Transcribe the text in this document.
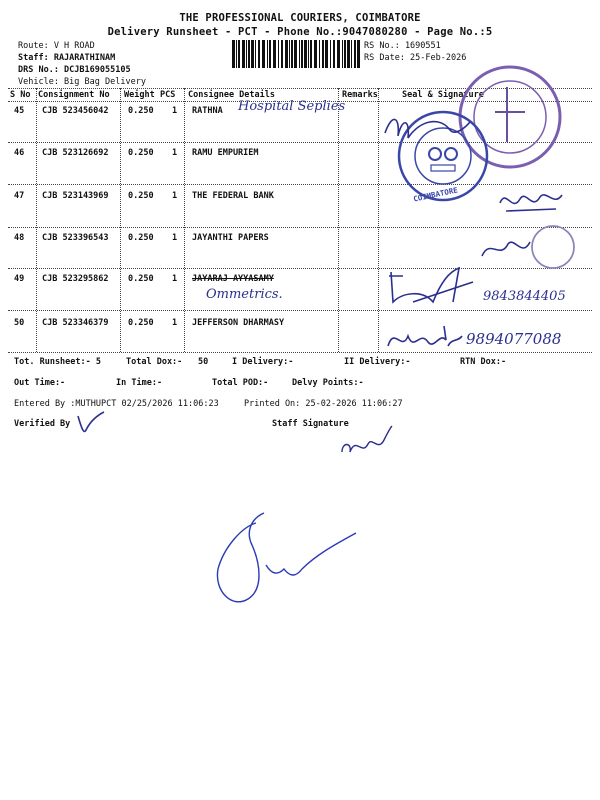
THE PROFESSIONAL COURIERS, COIMBATORE
Delivery Runsheet - PCT - Phone No.:9047080280 - Page No.:5
Route: V H ROAD
Staff: RAJARATHINAM
DRS No.: DCJB169055105
Vehicle: Big Bag Delivery
RS No.: 1690551
RS Date: 25-Feb-2026
S No Consignment No Weight PCS Consignee Details	Remarks	Seal & Signature
45 CJB 523456042 0.250 1 RATHNA Hospital Seplies
46 CJB 523126692 0.250 1 RAMU EMPURIEM
47 CJB 523143969 0.250 1 THE FEDERAL BANK
48 CJB 523396543 0.250 1 JAYANTHI PAPERS
49 CJB 523295862 0.250 1 JAYARAJ AYYASAMY
Ommetrics.
50 CJB 523346379 0.250 1 JEFFERSON DHARMASY
COIMBATORE
9843844405
9894077088
Tot. Runsheet:- 5	Total Dox:- 50	I Delivery:-	II Delivery:-	RTN Dox:-
Out Time:-	In Time:-	Total POD:-	Delvy Points:-
Entered By :MUTHUPCT 02/25/2026 11:06:23	Printed On: 25-02-2026 11:06:27
Verified By	Staff Signature
